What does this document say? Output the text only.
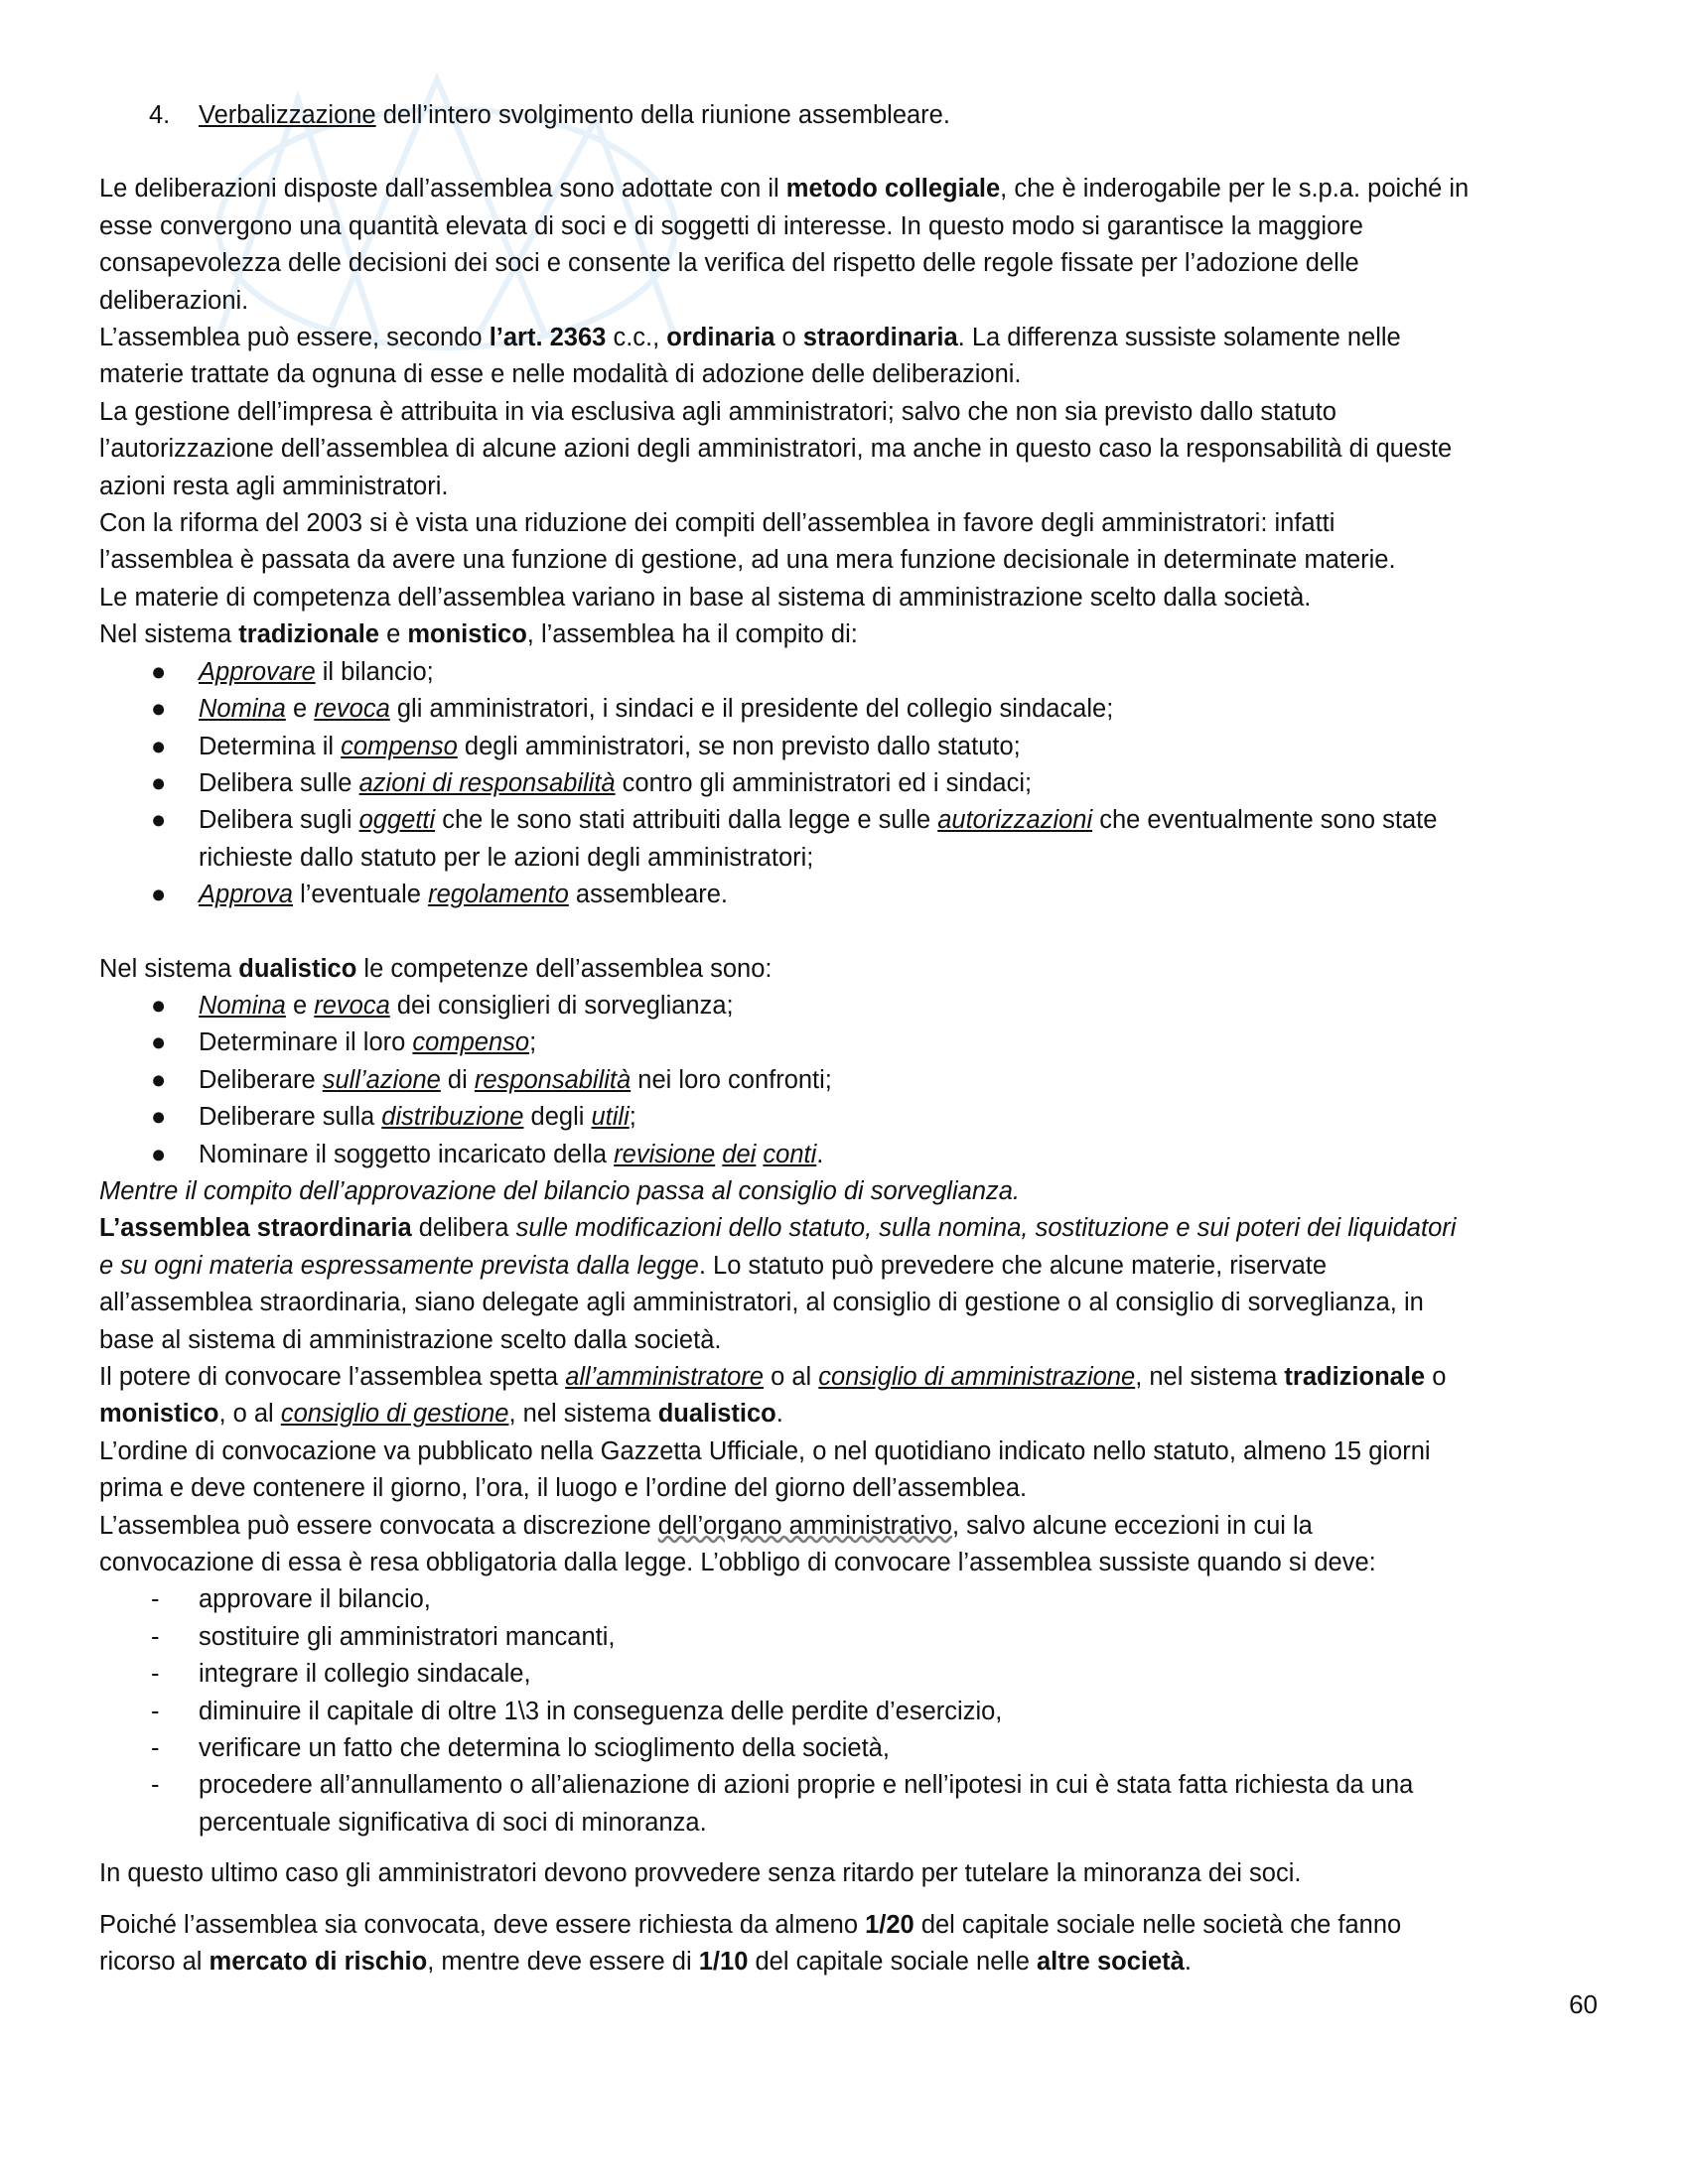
4. Verbalizzazione dell’intero svolgimento della riunione assembleare.
Le deliberazioni disposte dall’assemblea sono adottate con il metodo collegiale, che è inderogabile per le s.p.a. poiché in
esse convergono una quantità elevata di soci e di soggetti di interesse. In questo modo si garantisce la maggiore
consapevolezza delle decisioni dei soci e consente la verifica del rispetto delle regole fissate per l’adozione delle
deliberazioni.
L’assemblea può essere, secondo l’art. 2363 c.c., ordinaria o straordinaria. La differenza sussiste solamente nelle
materie trattate da ognuna di esse e nelle modalità di adozione delle deliberazioni.
La gestione dell’impresa è attribuita in via esclusiva agli amministratori; salvo che non sia previsto dallo statuto
l’autorizzazione dell’assemblea di alcune azioni degli amministratori, ma anche in questo caso la responsabilità di queste
azioni resta agli amministratori.
Con la riforma del 2003 si è vista una riduzione dei compiti dell’assemblea in favore degli amministratori: infatti
l’assemblea è passata da avere una funzione di gestione, ad una mera funzione decisionale in determinate materie.
Le materie di competenza dell’assemblea variano in base al sistema di amministrazione scelto dalla società.
Nel sistema tradizionale e monistico, l’assemblea ha il compito di:
● Approvare il bilancio;
● Nomina e revoca gli amministratori, i sindaci e il presidente del collegio sindacale;
● Determina il compenso degli amministratori, se non previsto dallo statuto;
● Delibera sulle azioni di responsabilità contro gli amministratori ed i sindaci;
● Delibera sugli oggetti che le sono stati attribuiti dalla legge e sulle autorizzazioni che eventualmente sono state
richieste dallo statuto per le azioni degli amministratori;
● Approva l’eventuale regolamento assembleare.
Nel sistema dualistico le competenze dell’assemblea sono:
● Nomina e revoca dei consiglieri di sorveglianza;
● Determinare il loro compenso;
● Deliberare sull’azione di responsabilità nei loro confronti;
● Deliberare sulla distribuzione degli utili;
● Nominare il soggetto incaricato della revisione dei conti.
Mentre il compito dell’approvazione del bilancio passa al consiglio di sorveglianza.
L’assemblea straordinaria delibera sulle modificazioni dello statuto, sulla nomina, sostituzione e sui poteri dei liquidatori
e su ogni materia espressamente prevista dalla legge. Lo statuto può prevedere che alcune materie, riservate
all’assemblea straordinaria, siano delegate agli amministratori, al consiglio di gestione o al consiglio di sorveglianza, in
base al sistema di amministrazione scelto dalla società.
Il potere di convocare l’assemblea spetta all’amministratore o al consiglio di amministrazione, nel sistema tradizionale o
monistico, o al consiglio di gestione, nel sistema dualistico.
L’ordine di convocazione va pubblicato nella Gazzetta Ufficiale, o nel quotidiano indicato nello statuto, almeno 15 giorni
prima e deve contenere il giorno, l’ora, il luogo e l’ordine del giorno dell’assemblea.
L’assemblea può essere convocata a discrezione dell’organo amministrativo, salvo alcune eccezioni in cui la
convocazione di essa è resa obbligatoria dalla legge. L’obbligo di convocare l’assemblea sussiste quando si deve:
- approvare il bilancio,
- sostituire gli amministratori mancanti,
- integrare il collegio sindacale,
- diminuire il capitale di oltre 1\3 in conseguenza delle perdite d’esercizio,
- verificare un fatto che determina lo scioglimento della società,
- procedere all’annullamento o all’alienazione di azioni proprie e nell’ipotesi in cui è stata fatta richiesta da una
percentuale significativa di soci di minoranza.
In questo ultimo caso gli amministratori devono provvedere senza ritardo per tutelare la minoranza dei soci.
Poiché l’assemblea sia convocata, deve essere richiesta da almeno 1/20 del capitale sociale nelle società che fanno
ricorso al mercato di rischio, mentre deve essere di 1/10 del capitale sociale nelle altre società.
60
